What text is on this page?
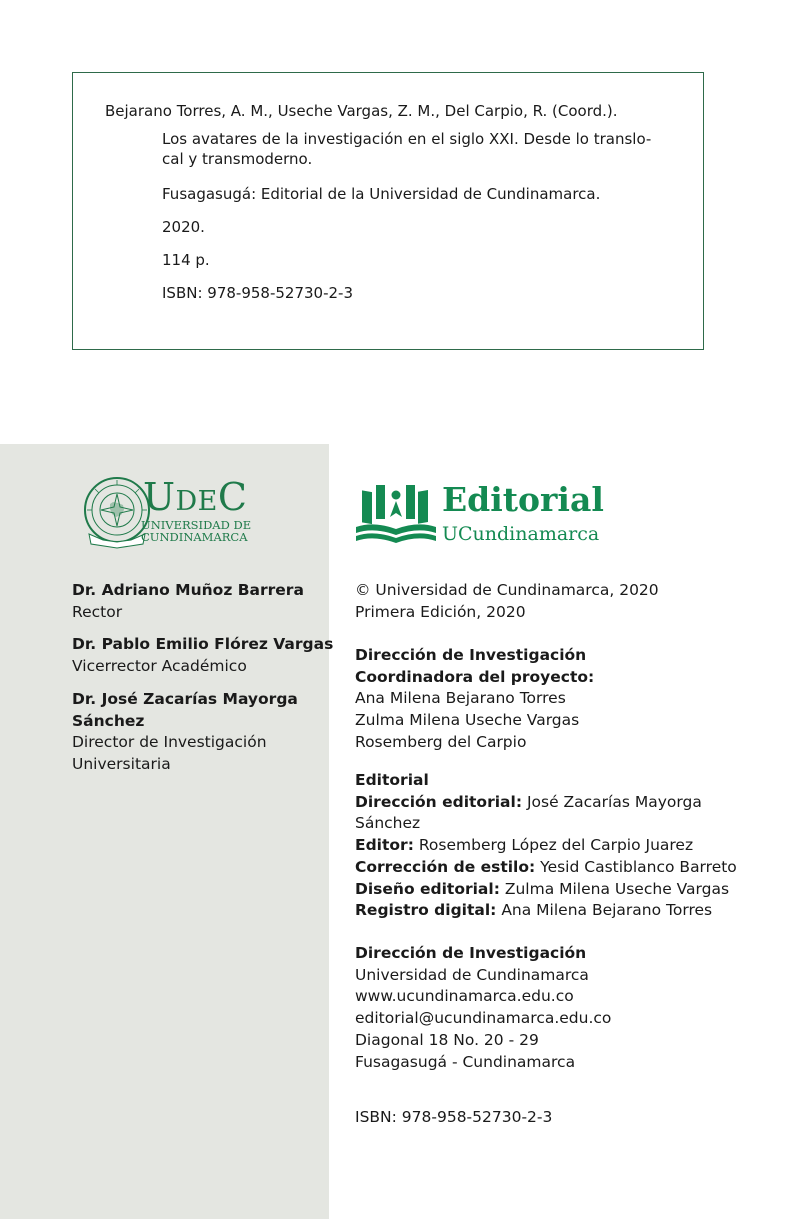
Bejarano Torres, A. M., Useche Vargas, Z. M., Del Carpio, R. (Coord.).
Los avatares de la investigación en el siglo XXI. Desde lo translo-
cal y transmoderno.
Fusagasugá: Editorial de la Universidad de Cundinamarca.
2020.
114 p.
ISBN: 978-958-52730-2-3
UdeC
UNIVERSIDAD DE
CUNDINAMARCA
Editorial
UCundinamarca
Dr. Adriano Muñoz Barrera
Rector
Dr. Pablo Emilio Flórez Vargas
Vicerrector Académico
Dr. José Zacarías Mayorga
Sánchez
Director de Investigación
Universitaria
© Universidad de Cundinamarca, 2020
Primera Edición, 2020
Dirección de Investigación
Coordinadora del proyecto:
Ana Milena Bejarano Torres
Zulma Milena Useche Vargas
Rosemberg del Carpio
Editorial
Dirección editorial: José Zacarías Mayorga
Sánchez
Editor: Rosemberg López del Carpio Juarez
Corrección de estilo: Yesid Castiblanco Barreto
Diseño editorial: Zulma Milena Useche Vargas
Registro digital: Ana Milena Bejarano Torres
Dirección de Investigación
Universidad de Cundinamarca
www.ucundinamarca.edu.co
editorial@ucundinamarca.edu.co
Diagonal 18 No. 20 - 29
Fusagasugá - Cundinamarca
ISBN: 978-958-52730-2-3
